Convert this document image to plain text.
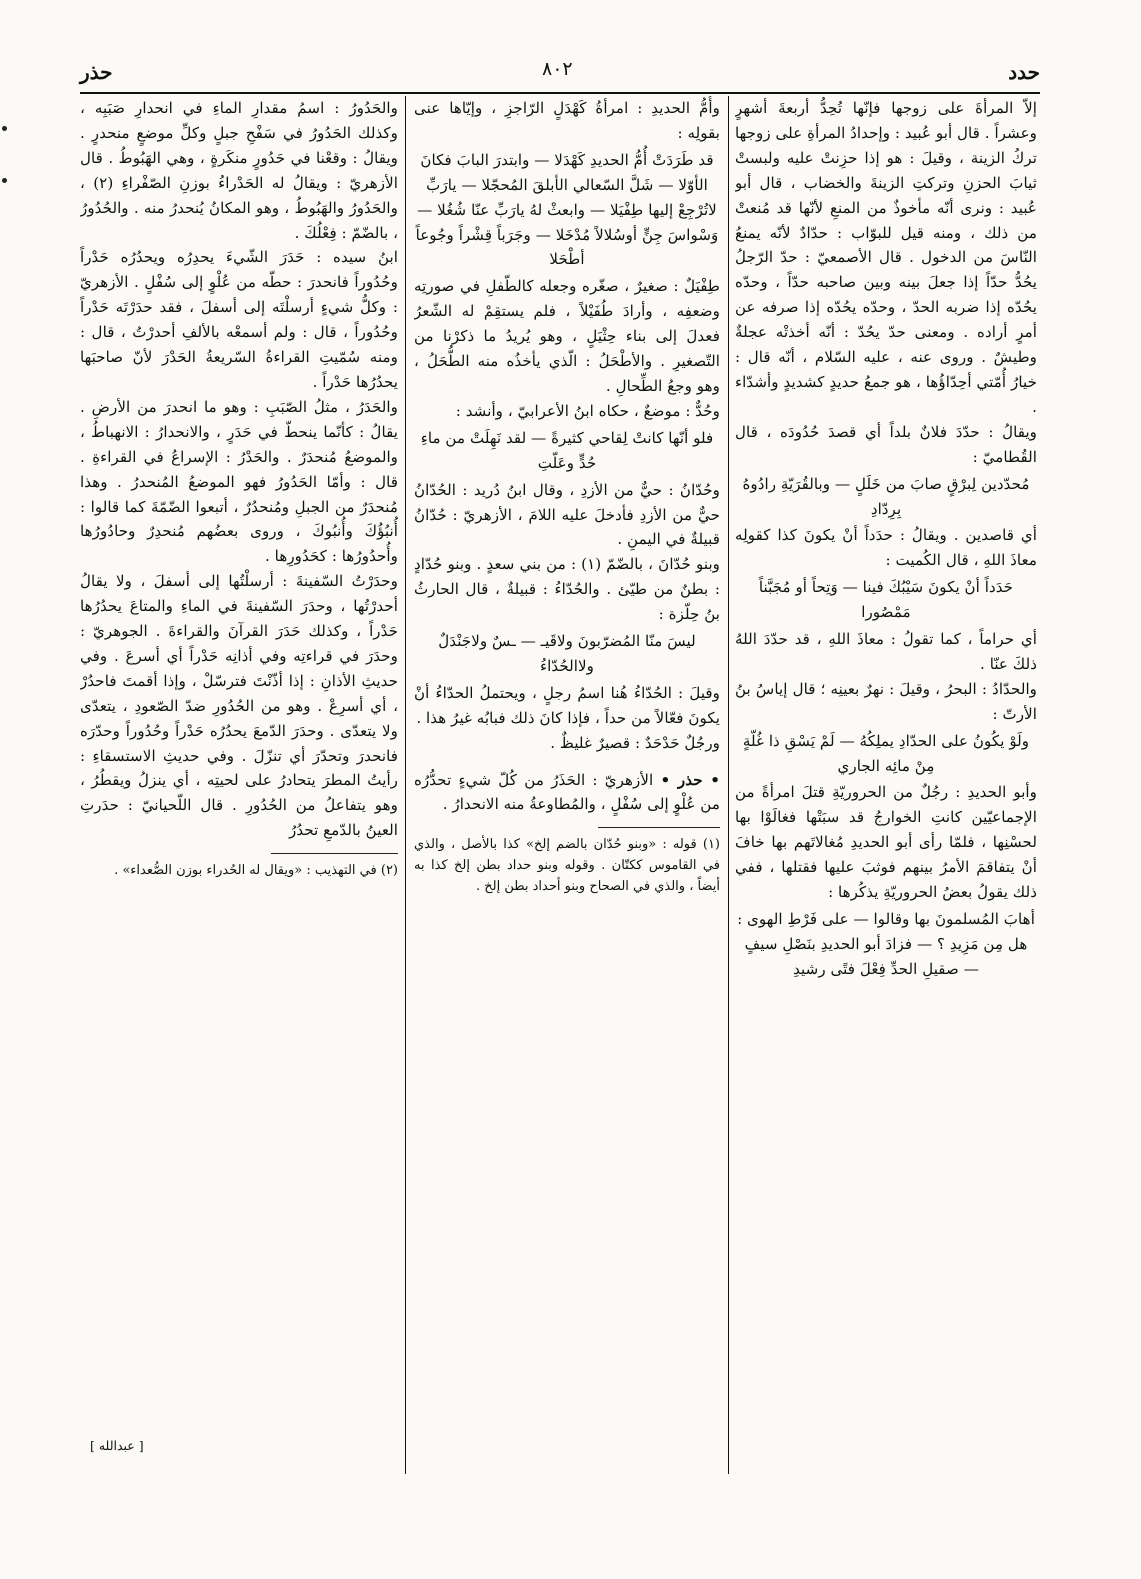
حذر	٨٠٢	حدد

إلاّ المرأةَ على زوجها فإنّها تُحِدُّ أربعةَ أشهرٍ وعشراً . قال أبو عُبيد : وإحدادُ المرأةِ على زوجها تركُ الزينة ، وقيلَ : هو إذا حزِنتْ عليه ولبستْ ثيابَ الحزنِ وتركتِ الزينةَ والخضاب ، قال أبو عُبيد : ونرى أنّه مأخوذٌ من المنعِ لأنّها قد مُنعتْ من ذلك ، ومنه قيل للبوّاب : حدّادٌ لأنّه يمنعُ النّاسَ من الدخول . قال الأصمعيّ : حدّ الرّجلُ يحُدُّ حدّاً إذا جعلَ بينه وبين صاحبه حدّاً ، وحدّه يحُدّه إذا ضربه الحدّ ، وحدّه يحُدّه إذا صرفه عن أمرٍ أراده . ومعنى حدّ يحُدّ : أنّه أخذتْه عجلةٌ وطيشٌ . وروى عنه ، عليه السّلام ، أنّه قال : خيارُ أُمّتي أحِدّاؤُها ، هو جمعُ حديدٍ كشديدٍ وأشدّاء .

ويقالُ : حدّدَ فلانٌ بلداً أي قصدَ حُدُودَه ، قال القُطاميّ :

مُحدّدين لِبرْقٍ صابَ من خَلَلٍ — وبالقُرَيّةِ رادُوهُ بِرِدّادِ

أي قاصدين . ويقالُ : حدَداً أنْ يكونَ كذا كقولِه معاذَ اللهِ ، قال الكُميت :

حَدَداً أنْ يكونَ سَيْبُكَ فينا — وَتِحاً أو مُجَبَّناً مَمْصُورا

أي حراماً ، كما تقولُ : معاذَ اللهِ ، قد حدّدَ اللهُ ذلكَ عنّا .

والحدّادُ : البحرُ ، وقيلَ : نهرٌ بعينِه ؛ قال إياسُ بنُ الأرتّ :

ولَوْ يكُونُ على الحدّادِ يملِكُهُ — لَمْ يَسْقِ ذا غُلّةٍ مِنْ مائِه الجاري

وأبو الحديدِ : رجُلٌ من الحروريّةِ قتلَ امرأةً من الإجماعيّين كانتِ الخوارجُ قد سبَتْها فغالَوْا بها لحسْنِها ، فلمّا رأى أبو الحديدِ مُغالاتَهم بها خافَ أنْ يتفاقمَ الأمرُ بينهم فوثبَ عليها فقتلها ، ففي ذلك يقولُ بعضُ الحروريّةِ يذكُرها :

أهابَ المُسلمونَ بها وقالوا — على فَرْطِ الهوى : هل مِن مَزِيدِ ؟ — فزادَ أبو الحديدِ بنَصْلِ سيفٍ — صقيلِ الحدِّ فِعْلَ فتًى رشيدِ

وأُمُّ الحديدِ : امرأةُ كَهْدَلٍ الرّاجزِ ، وإيّاها عنى بقولِه :

قد طَرَدَتْ أُمُّ الحديدِ كَهْدَلا — وابتدرَ البابَ فكانَ الأوّلا — شَلَّ السّعالي الأبلقَ المُحجّلا — يارَبِّ لاتُرْجِعْ إليها طِفْيَلا — وابعثْ لهُ يارَبِّ عنّا شُغُلا — وَسْواسَ جِنٍّ أوسُلالاً مُدْخَلا — وجَرَباً قِشْراً وجُوعاً أطْحَلا

طِفْيَلٌ : صغيرٌ ، صغّره وجعله كالطّفلِ في صورتِه وضعفِه ، وأرادَ طُفَيْلاً ، فلم يستقِمْ له الشّعرُ فعدلَ إلى بناء حِثْيَلٍ ، وهو يُريدُ ما ذكرْنا من التّصغيرِ . والأطْحَلُ : الّذي يأخذُه منه الطُّحَلُ ، وهو وجعُ الطِّحالِ .

وحُدٌّ : موضعٌ ، حكاه ابنُ الأعرابيّ ، وأنشد :

فلو أنّها كانتْ لِقاحي كثيرةً — لقد نَهِلَتْ من ماءِ حُدٍّ وعَلّتِ

وحُدّانُ : حيٌّ من الأزدِ ، وقال ابنُ دُريد : الحُدّانُ حيٌّ من الأزدِ فأدخلَ عليه اللامَ ، الأزهريّ : حُدّانُ قبيلةٌ في اليمنِ .

وبنو حُدّانَ ، بالضّمّ (١) : من بني سعدٍ . وبنو حُدّادٍ : بطنٌ من طيّئ . والحُدّاءُ : قبيلةٌ ، قال الحارثُ بنُ حِلّزة :

ليسَ منّا المُضرّبونَ ولاقَيـ — ـسٌ ولاجَنْدَلٌ ولاالحُدّاءُ

وقيلَ : الحُدّاءُ هُنا اسمُ رجلٍ ، ويحتملُ الحدّاءُ أنْ يكونَ فعّالاً من حداً ، فإذا كانَ ذلك فبابُه غيرُ هذا .

ورجُلٌ حَدْحَدٌ : قصيرٌ غليظٌ .

• حذر • الأزهريّ : الحَذَرُ من كُلّ شيءٍ تحدُّرُه من عُلْوٍ إلى سُفْلٍ ، والمُطاوعةُ منه الانحدارُ .

(١) قوله : «وبنو حُدّان بالضم إلخ» كذا بالأصل ، والذي في القاموس ككتّان . وقوله وبنو حداد بطن إلخ كذا به أيضاً ، والذي في الصحاح وبنو أحداد بطن إلخ .

والحَدُورُ : اسمُ مقدارِ الماءِ في انحدارِ صَبَبِه ، وكذلك الحَدُورُ في سَفْحِ جبلٍ وكلِّ موضعٍ منحدرٍ . ويقالُ : وقعْنا في حَدُورٍ منكَرةٍ ، وهي الهَبُوطُ . قال الأزهريّ : ويقالُ له الحَدْراءُ بوزنِ الصّفْراءِ (٢) ، والحَدُورُ والهَبُوطُ ، وهو المكانُ يُنحدرُ منه . والحُدُورُ ، بالضّمّ : فِعْلُكَ .

ابنُ سيده : حَدَرَ الشّيءَ يحدِرُه ويحدُرُه حَدْراً وحُدُوراً فانحدرَ : حطّه من عُلْوٍ إلى سُفْلٍ . الأزهريّ : وكلُّ شيءٍ أرسلْتَه إلى أسفلَ ، فقد حدَرْتَه حَدْراً وحُدُوراً ، قال : ولم أسمعْه بالألفِ أحدرْتُ ، قال : ومنه سُمّيتِ القراءةُ السّريعةُ الحَدْرَ لأنّ صاحبَها يحدُرُها حَدْراً .

والحَدَرُ ، مثلُ الصّبَبِ : وهو ما انحدرَ من الأرضِ . يقالُ : كأنّما ينحطّ في حَدَرٍ ، والانحدارُ : الانهباطُ ، والموضعُ مُنحدَرٌ . والحَدْرُ : الإسراعُ في القراءةِ . قال : وأمّا الحَدُورُ فهو الموضعُ المُنحدرُ . وهذا مُنحدَرٌ من الجبلِ ومُنحدُرٌ ، أتبعوا الضّمّةَ كما قالوا : أُنبُؤُكَ وأُنبُوكَ ، وروى بعضُهم مُنحدِرٌ وحادُورُها وأُحدُورُها : كحَدُورِها .

وحدَرْتُ السّفينةَ : أرسلْتُها إلى أسفلَ ، ولا يقالُ أحدرْتُها ، وحدَرَ السّفينةَ في الماءِ والمتاعَ يحدُرُها حَدْراً ، وكذلك حَدَرَ القرآنَ والقراءةَ . الجوهريّ : وحدَرَ في قراءتِه وفي أذانِه حَدْراً أي أسرعَ . وفي حديثِ الأذانِ : إذا أذّنْتَ فترسّلْ ، وإذا أقمتَ فاحدُرْ ، أي أسرِعْ . وهو من الحُدُورِ ضدّ الصّعودِ ، يتعدّى ولا يتعدّى . وحدَرَ الدّمعَ يحدُرُه حَدْراً وحُدُوراً وحدّرَه فانحدرَ وتحدّرَ أي تنزّلَ . وفي حديثِ الاستسقاءِ : رأيتُ المطرَ يتحادرُ على لحيتِه ، أي ينزلُ ويقطُرُ ، وهو يتفاعلُ من الحُدُورِ . قال اللّحيانيّ : حدَرتِ العينُ بالدّمعِ تحدُرُ

(٢) في التهذيب : «ويقال له الحُدراء بوزن الصُّعداء» .

[ عبدالله ]
